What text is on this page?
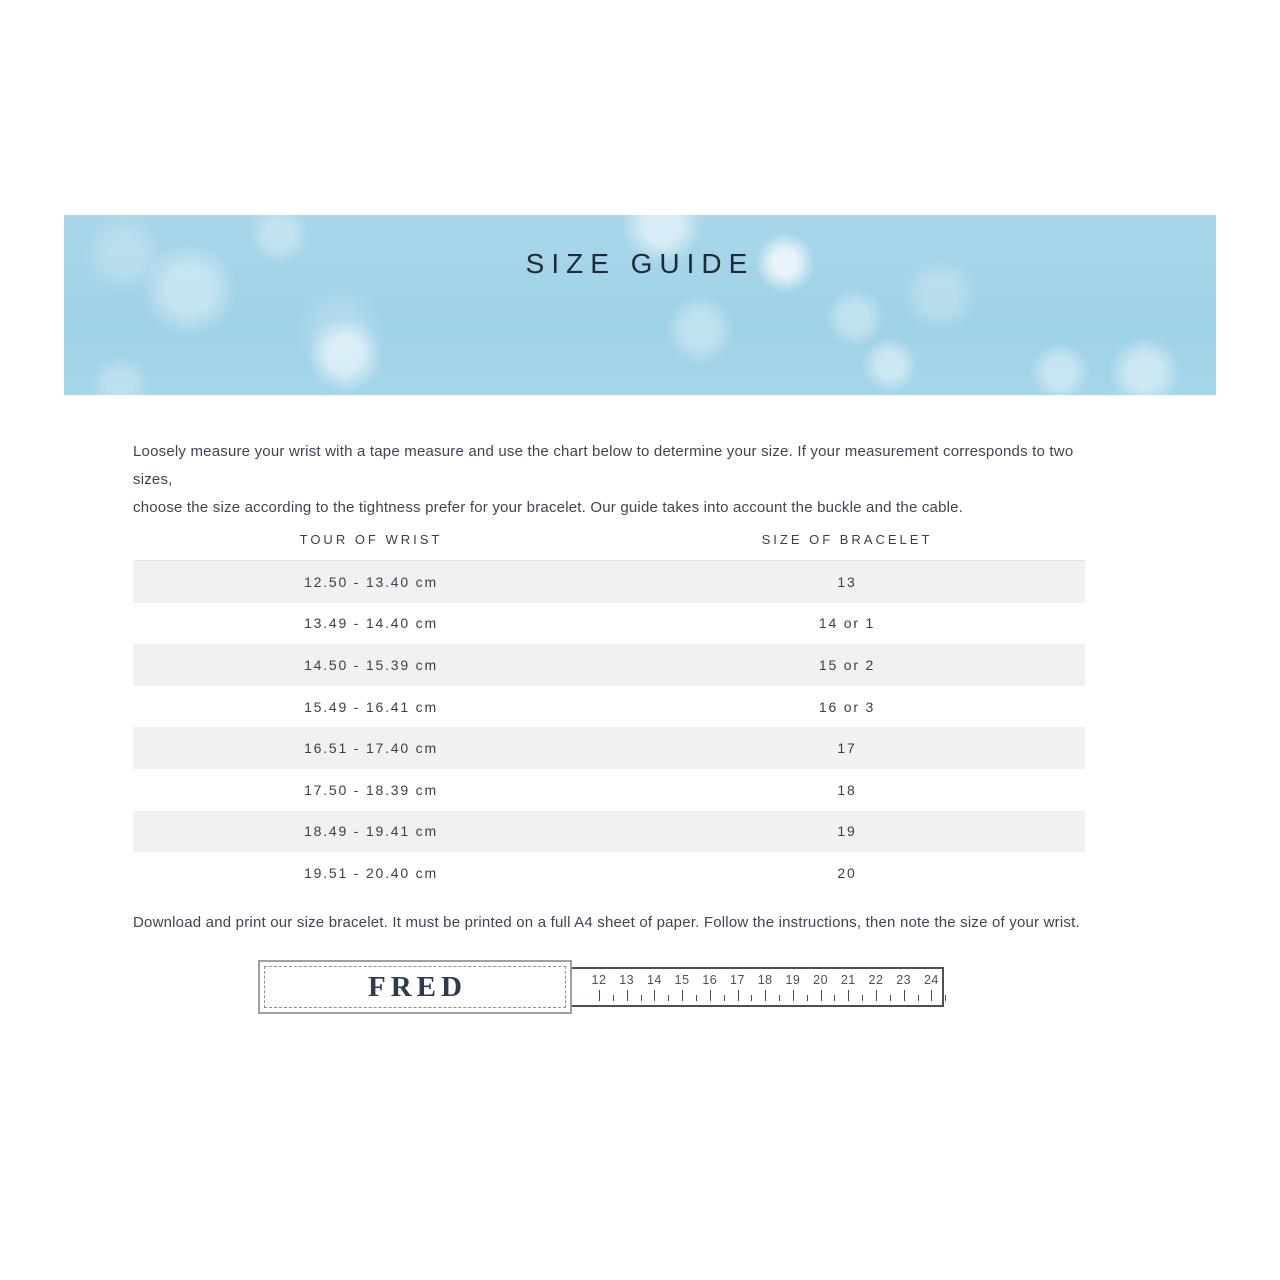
SIZE GUIDE
Loosely measure your wrist with a tape measure and use the chart below to determine your size. If your measurement corresponds to two sizes,
choose the size according to the tightness prefer for your bracelet. Our guide takes into account the buckle and the cable.
TOUR OF WRIST	SIZE OF BRACELET
12.50 - 13.40 cm	13
13.49 - 14.40 cm	14 or 1
14.50 - 15.39 cm	15 or 2
15.49 - 16.41 cm	16 or 3
16.51 - 17.40 cm	17
17.50 - 18.39 cm	18
18.49 - 19.41 cm	19
19.51 - 20.40 cm	20
Download and print our size bracelet. It must be printed on a full A4 sheet of paper. Follow the instructions, then note the size of your wrist.
FRED	12 13 14 15 16 17 18 19 20 21 22 23 24
